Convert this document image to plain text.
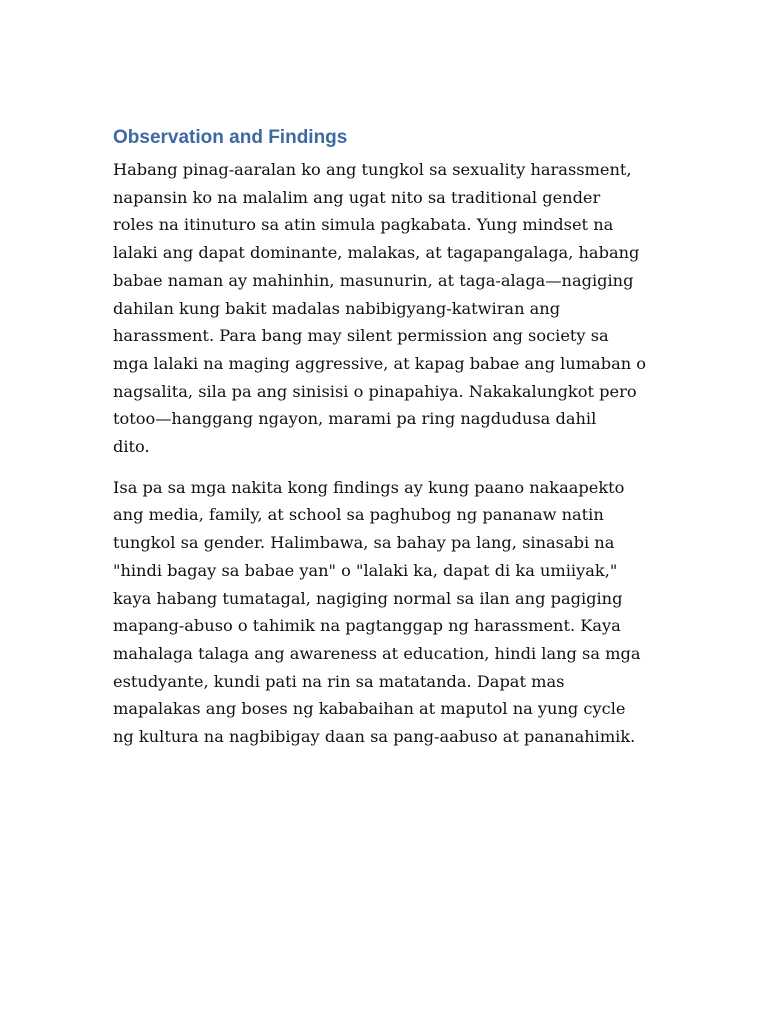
Observation and Findings

Habang pinag-aaralan ko ang tungkol sa sexuality harassment,
napansin ko na malalim ang ugat nito sa traditional gender
roles na itinuturo sa atin simula pagkabata. Yung mindset na
lalaki ang dapat dominante, malakas, at tagapangalaga, habang
babae naman ay mahinhin, masunurin, at taga-alaga—nagiging
dahilan kung bakit madalas nabibigyang-katwiran ang
harassment. Para bang may silent permission ang society sa
mga lalaki na maging aggressive, at kapag babae ang lumaban o
nagsalita, sila pa ang sinisisi o pinapahiya. Nakakalungkot pero
totoo—hanggang ngayon, marami pa ring nagdudusa dahil
dito.

Isa pa sa mga nakita kong findings ay kung paano nakaapekto
ang media, family, at school sa paghubog ng pananaw natin
tungkol sa gender. Halimbawa, sa bahay pa lang, sinasabi na
"hindi bagay sa babae yan" o "lalaki ka, dapat di ka umiiyak,"
kaya habang tumatagal, nagiging normal sa ilan ang pagiging
mapang-abuso o tahimik na pagtanggap ng harassment. Kaya
mahalaga talaga ang awareness at education, hindi lang sa mga
estudyante, kundi pati na rin sa matatanda. Dapat mas
mapalakas ang boses ng kababaihan at maputol na yung cycle
ng kultura na nagbibigay daan sa pang-aabuso at pananahimik.
